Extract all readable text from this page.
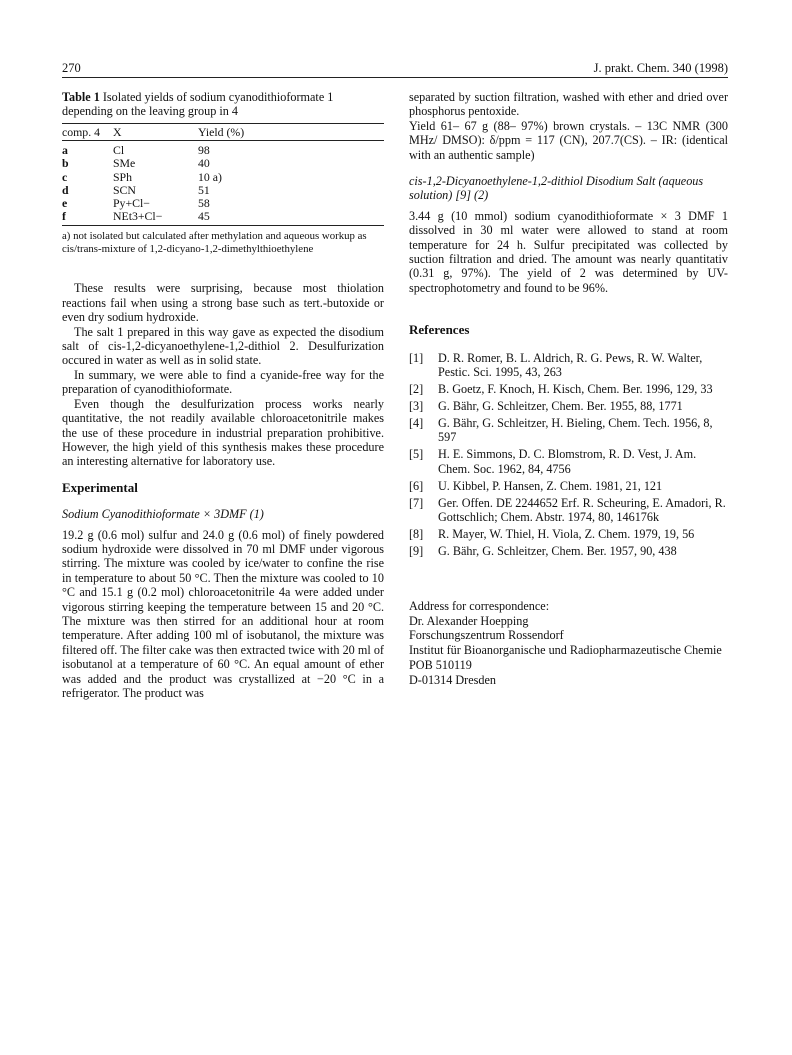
270	J. prakt. Chem. 340 (1998)

Table 1 Isolated yields of sodium cyanodithioformate 1 depending on the leaving group in 4

comp. 4	X	Yield (%)
a	Cl	98
b	SMe	40
c	SPh	10 a)
d	SCN	51
e	Py+Cl−	58
f	NEt3+Cl−	45

a) not isolated but calculated after methylation and aqueous workup as cis/trans-mixture of 1,2-dicyano-1,2-dimethylthioethylene

These results were surprising, because most thiolation reactions fail when using a strong base such as tert.-butoxide or even dry sodium hydroxide.

The salt 1 prepared in this way gave as expected the disodium salt of cis-1,2-dicyanoethylene-1,2-dithiol 2. Desulfurization occured in water as well as in solid state.

In summary, we were able to find a cyanide-free way for the preparation of cyanodithioformate.

Even though the desulfurization process works nearly quantitative, the not readily available chloroacetonitrile makes the use of these procedure in industrial preparation prohibitive. However, the high yield of this synthesis makes these procedure an interesting alternative for laboratory use.

Experimental

Sodium Cyanodithioformate × 3DMF (1)

19.2 g (0.6 mol) sulfur and 24.0 g (0.6 mol) of finely powdered sodium hydroxide were dissolved in 70 ml DMF under vigorous stirring. The mixture was cooled by ice/water to confine the rise in temperature to about 50 °C. Then the mixture was cooled to 10 °C and 15.1 g (0.2 mol) chloroacetonitrile 4a were added under vigorous stirring keeping the temperature between 15 and 20 °C. The mixture was then stirred for an additional hour at room temperature. After adding 100 ml of isobutanol, the mixture was filtered off. The filter cake was then extracted twice with 20 ml of isobutanol at a temperature of 60 °C. An equal amount of ether was added and the product was crystallized at −20 °C in a refrigerator. The product was

separated by suction filtration, washed with ether and dried over phosphorus pentoxide.

Yield 61– 67 g (88– 97%) brown crystals. – 13C NMR (300 MHz/ DMSO): δ/ppm = 117 (CN), 207.7(CS). – IR: (identical with an authentic sample)

cis-1,2-Dicyanoethylene-1,2-dithiol Disodium Salt (aqueous solution) [9] (2)

3.44 g (10 mmol) sodium cyanodithioformate × 3 DMF 1 dissolved in 30 ml water were allowed to stand at room temperature for 24 h. Sulfur precipitated was collected by suction filtration and dried. The amount was nearly quantitativ (0.31 g, 97%). The yield of 2 was determined by UV-spectrophotometry and found to be 96%.

References
[1] D. R. Romer, B. L. Aldrich, R. G. Pews, R. W. Walter, Pestic. Sci. 1995, 43, 263
[2] B. Goetz, F. Knoch, H. Kisch, Chem. Ber. 1996, 129, 33
[3] G. Bähr, G. Schleitzer, Chem. Ber. 1955, 88, 1771
[4] G. Bähr, G. Schleitzer, H. Bieling, Chem. Tech. 1956, 8, 597
[5] H. E. Simmons, D. C. Blomstrom, R. D. Vest, J. Am. Chem. Soc. 1962, 84, 4756
[6] U. Kibbel, P. Hansen, Z. Chem. 1981, 21, 121
[7] Ger. Offen. DE 2244652 Erf. R. Scheuring, E. Amadori, R. Gottschlich; Chem. Abstr. 1974, 80, 146176k
[8] R. Mayer, W. Thiel, H. Viola, Z. Chem. 1979, 19, 56
[9] G. Bähr, G. Schleitzer, Chem. Ber. 1957, 90, 438

Address for correspondence:

Dr. Alexander Hoepping

Forschungszentrum Rossendorf

Institut für Bioanorganische und Radiopharmazeutische Chemie

POB 510119

D-01314 Dresden
